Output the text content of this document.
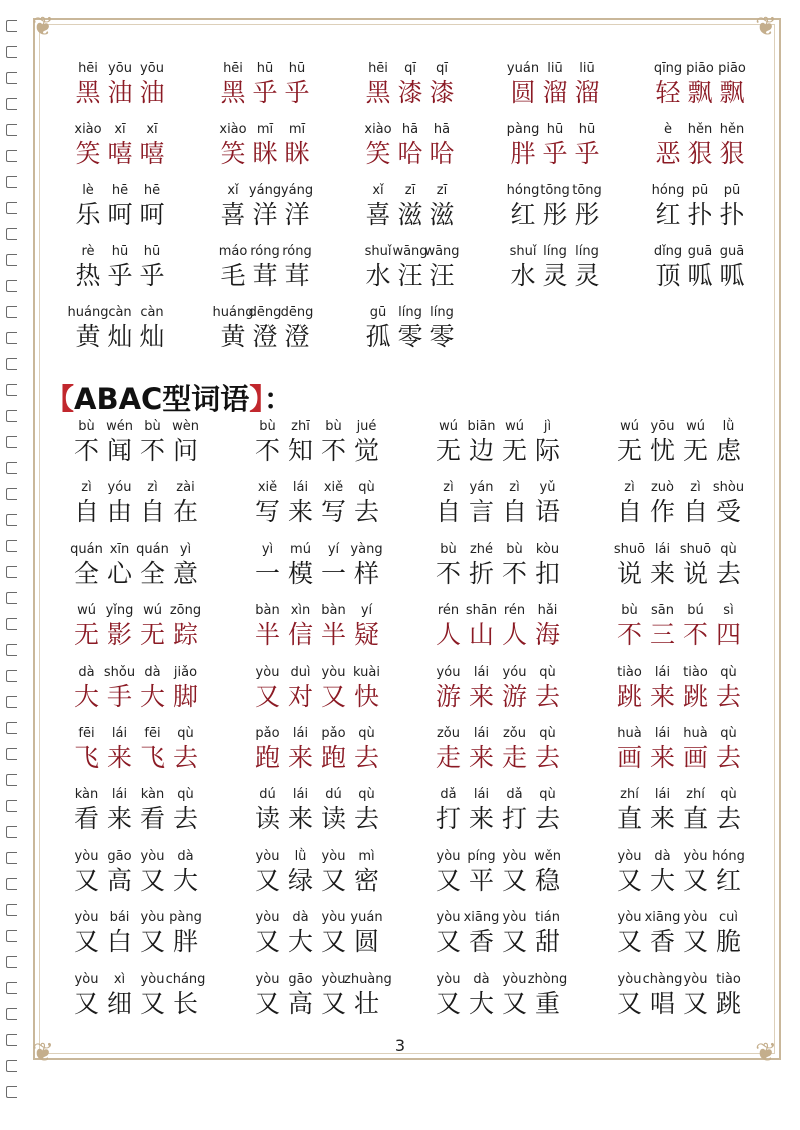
❦	❦
❦	❦
hēi
黑
yōu
油
yōu
油
hēi
黑
hū
乎
hū
乎
hēi
黑
qī
漆
qī
漆
yuán
圆
liū
溜
liū
溜
qīng
轻
piāo
飘
piāo
飘
xiào
笑
xī
嘻
xī
嘻
xiào
笑
mī
眯
mī
眯
xiào
笑
hā
哈
hā
哈
pàng
胖
hū
乎
hū
乎
è
恶
hěn
狠
hěn
狠
lè
乐
hē
呵
hē
呵
xǐ
喜
yáng
洋
yáng
洋
xǐ
喜
zī
滋
zī
滋
hóng
红
tōng
彤
tōng
彤
hóng
红
pū
扑
pū
扑
rè
热
hū
乎
hū
乎
máo
毛
róng
茸
róng
茸
shuǐ
水
wāng
汪
wāng
汪
shuǐ
水
líng
灵
líng
灵
dǐng
顶
guā
呱
guā
呱
huáng
黄
càn
灿
càn
灿
huáng
黄
dēng
澄
dēng
澄
gū
孤
líng
零
líng
零
【ABAC型词语】：
bù
不
wén
闻
bù
不
wèn
问
bù
不
zhī
知
bù
不
jué
觉
wú
无
biān
边
wú
无
jì
际
wú
无
yōu
忧
wú
无
lǜ
虑
zì
自
yóu
由
zì
自
zài
在
xiě
写
lái
来
xiě
写
qù
去
zì
自
yán
言
zì
自
yǔ
语
zì
自
zuò
作
zì
自
shòu
受
quán
全
xīn
心
quán
全
yì
意
yì
一
mú
模
yí
一
yàng
样
bù
不
zhé
折
bù
不
kòu
扣
shuō
说
lái
来
shuō
说
qù
去
wú
无
yǐng
影
wú
无
zōng
踪
bàn
半
xìn
信
bàn
半
yí
疑
rén
人
shān
山
rén
人
hǎi
海
bù
不
sān
三
bú
不
sì
四
dà
大
shǒu
手
dà
大
jiǎo
脚
yòu
又
duì
对
yòu
又
kuài
快
yóu
游
lái
来
yóu
游
qù
去
tiào
跳
lái
来
tiào
跳
qù
去
fēi
飞
lái
来
fēi
飞
qù
去
pǎo
跑
lái
来
pǎo
跑
qù
去
zǒu
走
lái
来
zǒu
走
qù
去
huà
画
lái
来
huà
画
qù
去
kàn
看
lái
来
kàn
看
qù
去
dú
读
lái
来
dú
读
qù
去
dǎ
打
lái
来
dǎ
打
qù
去
zhí
直
lái
来
zhí
直
qù
去
yòu
又
gāo
高
yòu
又
dà
大
yòu
又
lǜ
绿
yòu
又
mì
密
yòu
又
píng
平
yòu
又
wěn
稳
yòu
又
dà
大
yòu
又
hóng
红
yòu
又
bái
白
yòu
又
pàng
胖
yòu
又
dà
大
yòu
又
yuán
圆
yòu
又
xiāng
香
yòu
又
tián
甜
yòu
又
xiāng
香
yòu
又
cuì
脆
yòu
又
xì
细
yòu
又
cháng
长
yòu
又
gāo
高
yòu
又
zhuàng
壮
yòu
又
dà
大
yòu
又
zhòng
重
yòu
又
chàng
唱
yòu
又
tiào
跳
3
